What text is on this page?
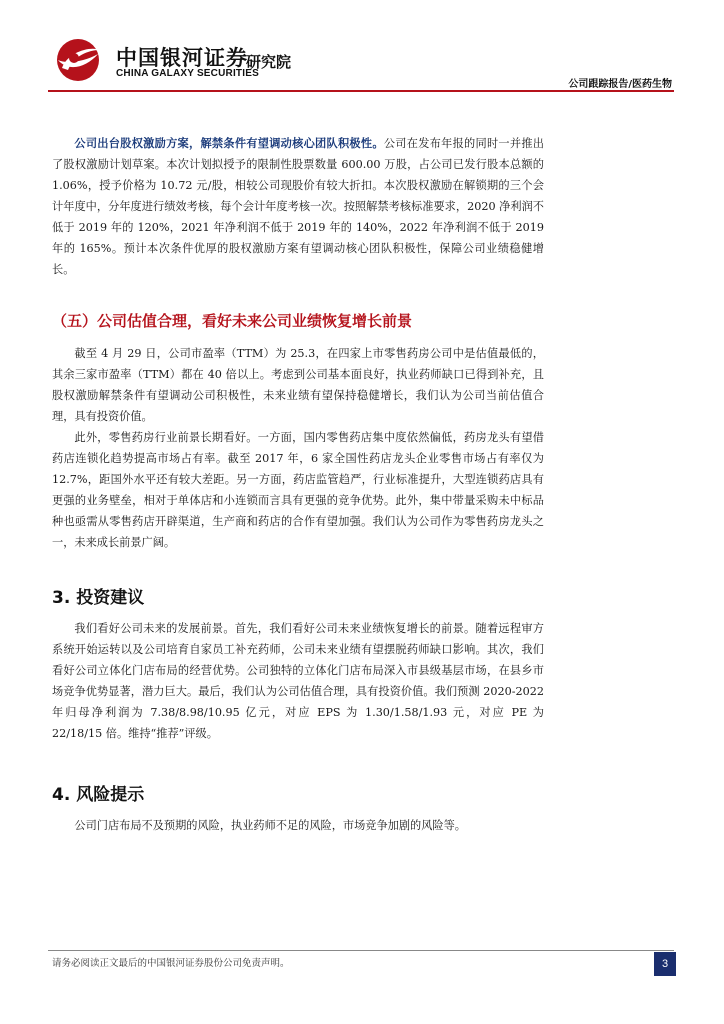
中国银河证券
CHINA GALAXY SECURITIES
研究院
公司跟踪报告/医药生物

公司出台股权激励方案，解禁条件有望调动核心团队积极性。公司在发布年报的同时一并推出了股权激励计划草案。本次计划拟授予的限制性股票数量 600.00 万股，占公司已发行股本总额的 1.06%，授予价格为 10.72 元/股，相较公司现股价有较大折扣。本次股权激励在解锁期的三个会计年度中，分年度进行绩效考核，每个会计年度考核一次。按照解禁考核标准要求，2020 净利润不低于 2019 年的 120%，2021 年净利润不低于 2019 年的 140%，2022 年净利润不低于 2019 年的 165%。预计本次条件优厚的股权激励方案有望调动核心团队积极性，保障公司业绩稳健增长。

（五）公司估值合理，看好未来公司业绩恢复增长前景

截至 4 月 29 日，公司市盈率（TTM）为 25.3，在四家上市零售药房公司中是估值最低的，其余三家市盈率（TTM）都在 40 倍以上。考虑到公司基本面良好，执业药师缺口已得到补充，且股权激励解禁条件有望调动公司积极性，未来业绩有望保持稳健增长，我们认为公司当前估值合理，具有投资价值。

此外，零售药房行业前景长期看好。一方面，国内零售药店集中度依然偏低，药房龙头有望借药店连锁化趋势提高市场占有率。截至 2017 年，6 家全国性药店龙头企业零售市场占有率仅为 12.7%，距国外水平还有较大差距。另一方面，药店监管趋严，行业标准提升，大型连锁药店具有更强的业务壁垒，相对于单体店和小连锁而言具有更强的竞争优势。此外，集中带量采购未中标品种也亟需从零售药店开辟渠道，生产商和药店的合作有望加强。我们认为公司作为零售药房龙头之一，未来成长前景广阔。

3. 投资建议

我们看好公司未来的发展前景。首先，我们看好公司未来业绩恢复增长的前景。随着远程审方系统开始运转以及公司培育自家员工补充药师，公司未来业绩有望摆脱药师缺口影响。其次，我们看好公司立体化门店布局的经营优势。公司独特的立体化门店布局深入市县级基层市场，在县乡市场竞争优势显著，潜力巨大。最后，我们认为公司估值合理，具有投资价值。我们预测 2020-2022 年归母净利润为 7.38/8.98/10.95 亿元，对应 EPS 为 1.30/1.58/1.93 元，对应 PE 为 22/18/15 倍。维持“推荐”评级。

4. 风险提示

公司门店布局不及预期的风险，执业药师不足的风险，市场竞争加剧的风险等。

请务必阅读正文最后的中国银河证券股份公司免责声明。	3
